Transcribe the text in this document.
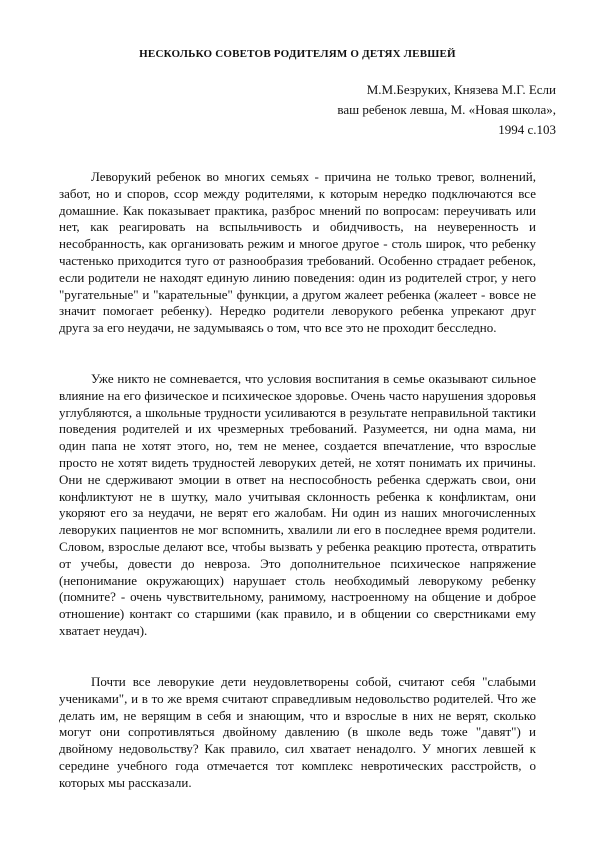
НЕСКОЛЬКО СОВЕТОВ РОДИТЕЛЯМ О ДЕТЯХ ЛЕВШЕЙ
М.М.Безруких, Князева М.Г. Если
ваш ребенок левша, М. «Новая школа»,
1994 с.103

Леворукий ребенок во многих семьях - причина не только тревог, волнений, забот, но и споров, ссор между родителями, к которым нередко подключаются все домашние. Как показывает практика, разброс мнений по вопросам: переучивать или нет, как реагировать на вспыльчивость и обидчивость, на неуверенность и несобранность, как организовать режим и многое другое - столь широк, что ребенку частенько приходится туго от разнообразия требований. Особенно страдает ребенок, если родители не находят единую линию поведения: один из родителей строг, у него "ругательные" и "карательные" функции, а другом жалеет ребенка (жалеет - вовсе не значит помогает ребенку). Нередко родители леворукого ребенка упрекают друг друга за его неудачи, не задумываясь о том, что все это не проходит бесследно.

Уже никто не сомневается, что условия воспитания в семье оказывают сильное влияние на его физическое и психическое здоровье. Очень часто нарушения здоровья углубляются, а школьные трудности усиливаются в результате неправильной тактики поведения родителей и их чрезмерных требований. Разумеется, ни одна мама, ни один папа не хотят этого, но, тем не менее, создается впечатление, что взрослые просто не хотят видеть трудностей леворуких детей, не хотят понимать их причины. Они не сдерживают эмоции в ответ на неспособность ребенка сдержать свои, они конфликтуют не в шутку, мало учитывая склонность ребенка к конфликтам, они укоряют его за неудачи, не верят его жалобам. Ни один из наших многочисленных леворуких пациентов не мог вспомнить, хвалили ли его в последнее время родители. Словом, взрослые делают все, чтобы вызвать у ребенка реакцию протеста, отвратить от учебы, довести до невроза. Это дополнительное психическое напряжение (непонимание окружающих) нарушает столь необходимый леворукому ребенку (помните? - очень чувствительному, ранимому, настроенному на общение и доброе отношение) контакт со старшими (как правило, и в общении со сверстниками ему хватает неудач).

Почти все леворукие дети неудовлетворены собой, считают себя "слабыми учениками", и в то же время считают справедливым недовольство родителей. Что же делать им, не верящим в себя и знающим, что и взрослые в них не верят, сколько могут они сопротивляться двойному давлению (в школе ведь тоже "давят") и двойному недовольству? Как правило, сил хватает ненадолго. У многих левшей к середине учебного года отмечается тот комплекс невротических расстройств, о которых мы рассказали.
